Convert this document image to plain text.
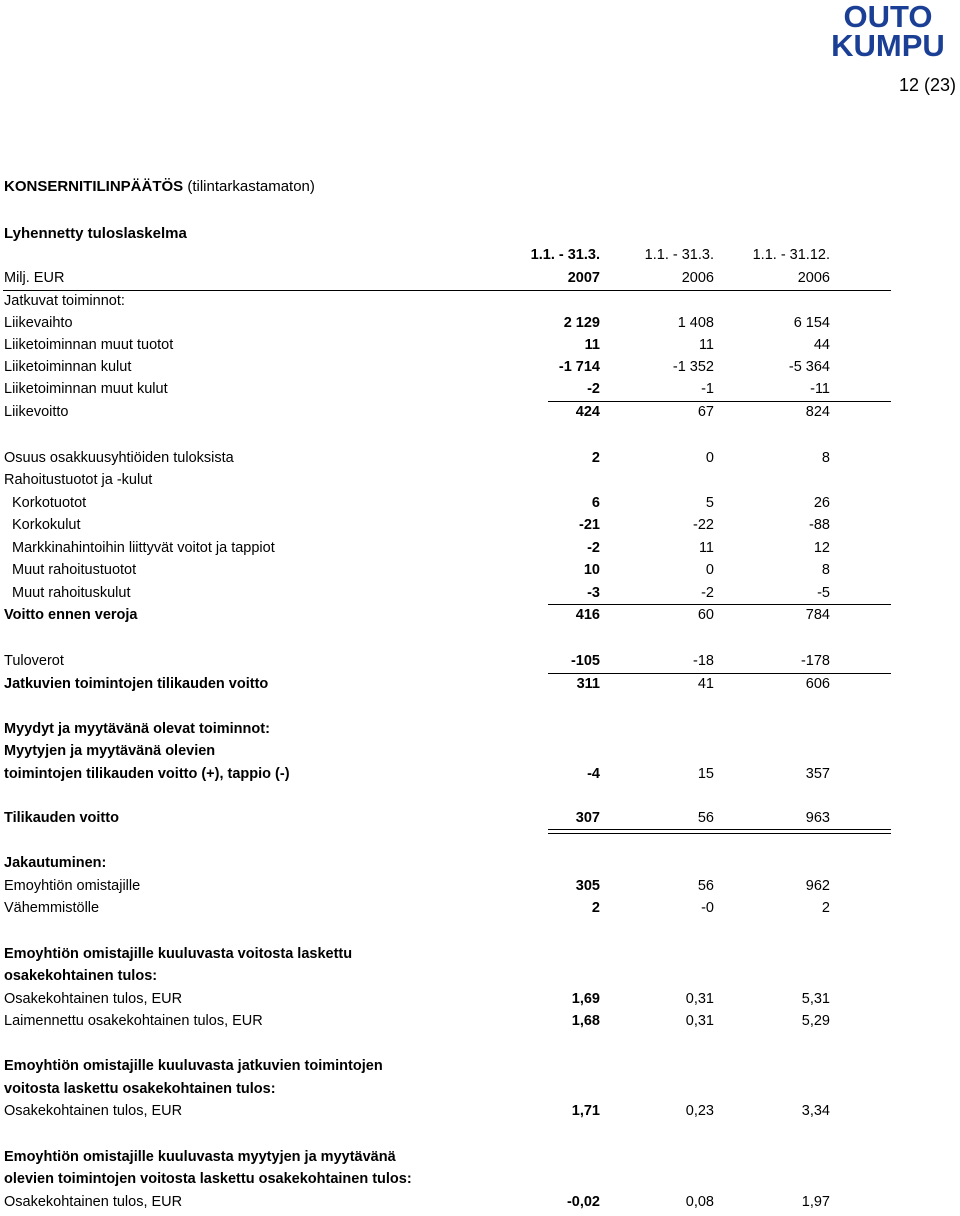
OUTO
KUMPU
12 (23)
KONSERNITILINPÄÄTÖS (tilintarkastamaton)
Lyhennetty tuloslaskelma
1.1. - 31.3.	1.1. - 31.3.	1.1. - 31.12.
Milj. EUR	2007	2006	2006
Jatkuvat toiminnot:
Liikevaihto	2 129	1 408	6 154
Liiketoiminnan muut tuotot	11	11	44
Liiketoiminnan kulut	-1 714	-1 352	-5 364
Liiketoiminnan muut kulut	-2	-1	-11
Liikevoitto	424	67	824
Osuus osakkuusyhtiöiden tuloksista	2	0	8
Rahoitustuotot ja -kulut
Korkotuotot	6	5	26
Korkokulut	-21	-22	-88
Markkinahintoihin liittyvät voitot ja tappiot	-2	11	12
Muut rahoitustuotot	10	0	8
Muut rahoituskulut	-3	-2	-5
Voitto ennen veroja	416	60	784
Tuloverot	-105	-18	-178
Jatkuvien toimintojen tilikauden voitto	311	41	606
Myydyt ja myytävänä olevat toiminnot:
Myytyjen ja myytävänä olevien
toimintojen tilikauden voitto (+), tappio (-)	-4	15	357
Tilikauden voitto	307	56	963
Jakautuminen:
Emoyhtiön omistajille	305	56	962
Vähemmistölle	2	-0	2
Emoyhtiön omistajille kuuluvasta voitosta laskettu
osakekohtainen tulos:
Osakekohtainen tulos, EUR	1,69	0,31	5,31
Laimennettu osakekohtainen tulos, EUR	1,68	0,31	5,29
Emoyhtiön omistajille kuuluvasta jatkuvien toimintojen
voitosta laskettu osakekohtainen tulos:
Osakekohtainen tulos, EUR	1,71	0,23	3,34
Emoyhtiön omistajille kuuluvasta myytyjen ja myytävänä
olevien toimintojen voitosta laskettu osakekohtainen tulos:
Osakekohtainen tulos, EUR	-0,02	0,08	1,97
